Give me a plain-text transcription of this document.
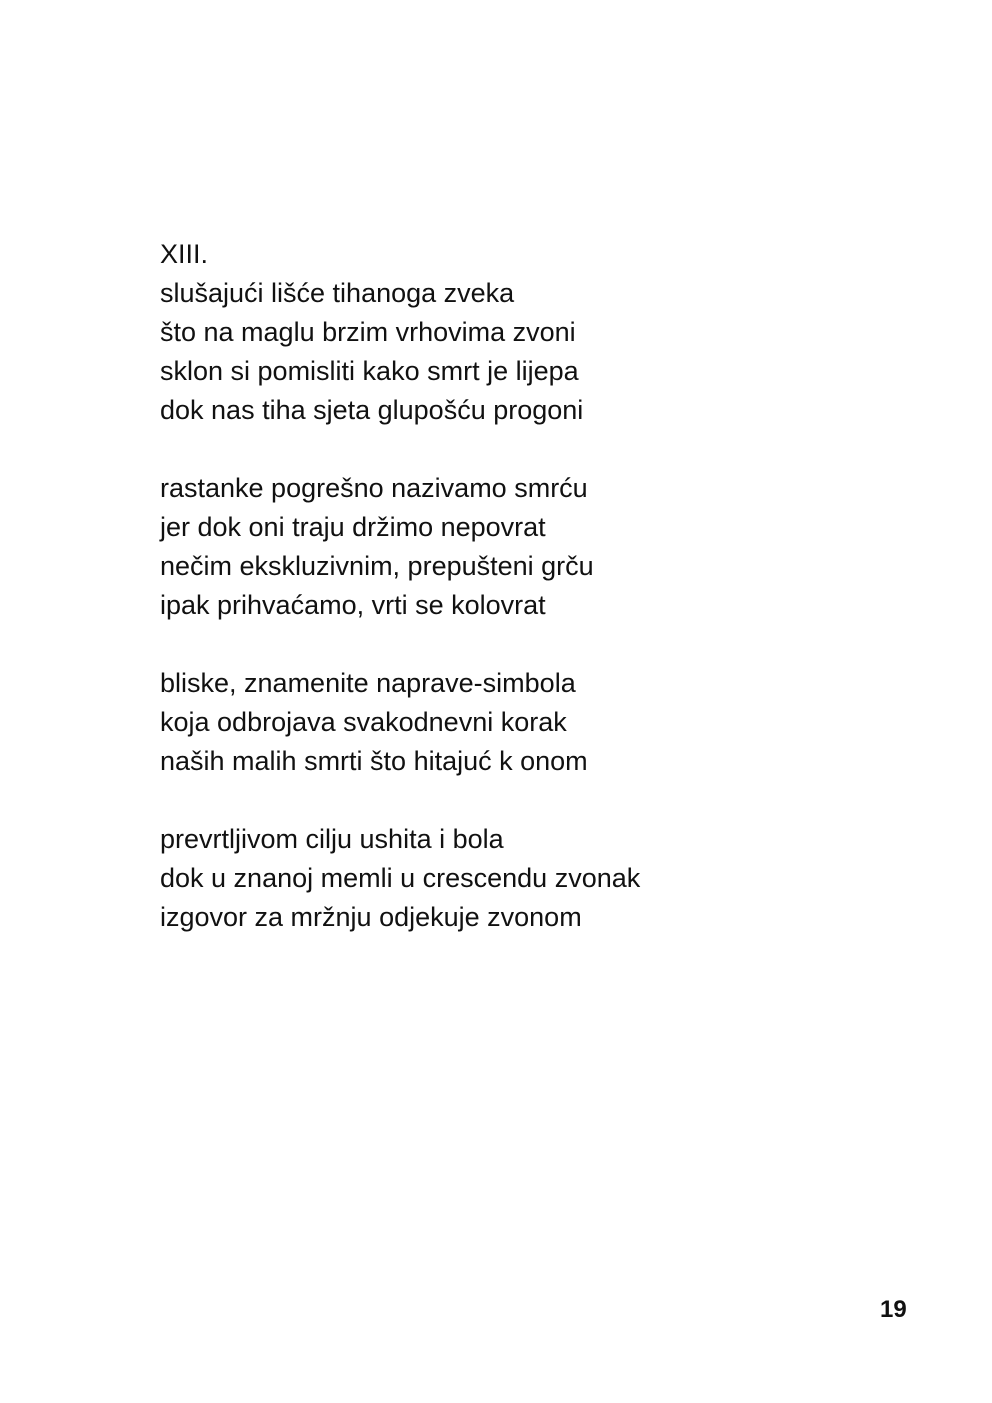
XIII.
slušajući lišće tihanoga zveka
što na maglu brzim vrhovima zvoni
sklon si pomisliti kako smrt je lijepa
dok nas tiha sjeta glupošću progoni
rastanke pogrešno nazivamo smrću
jer dok oni traju držimo nepovrat
nečim ekskluzivnim, prepušteni grču
ipak prihvaćamo, vrti se kolovrat
bliske, znamenite naprave-simbola
koja odbrojava svakodnevni korak
naših malih smrti što hitajuć k onom
prevrtljivom cilju ushita i bola
dok u znanoj memli u crescendu zvonak
izgovor za mržnju odjekuje zvonom
19
